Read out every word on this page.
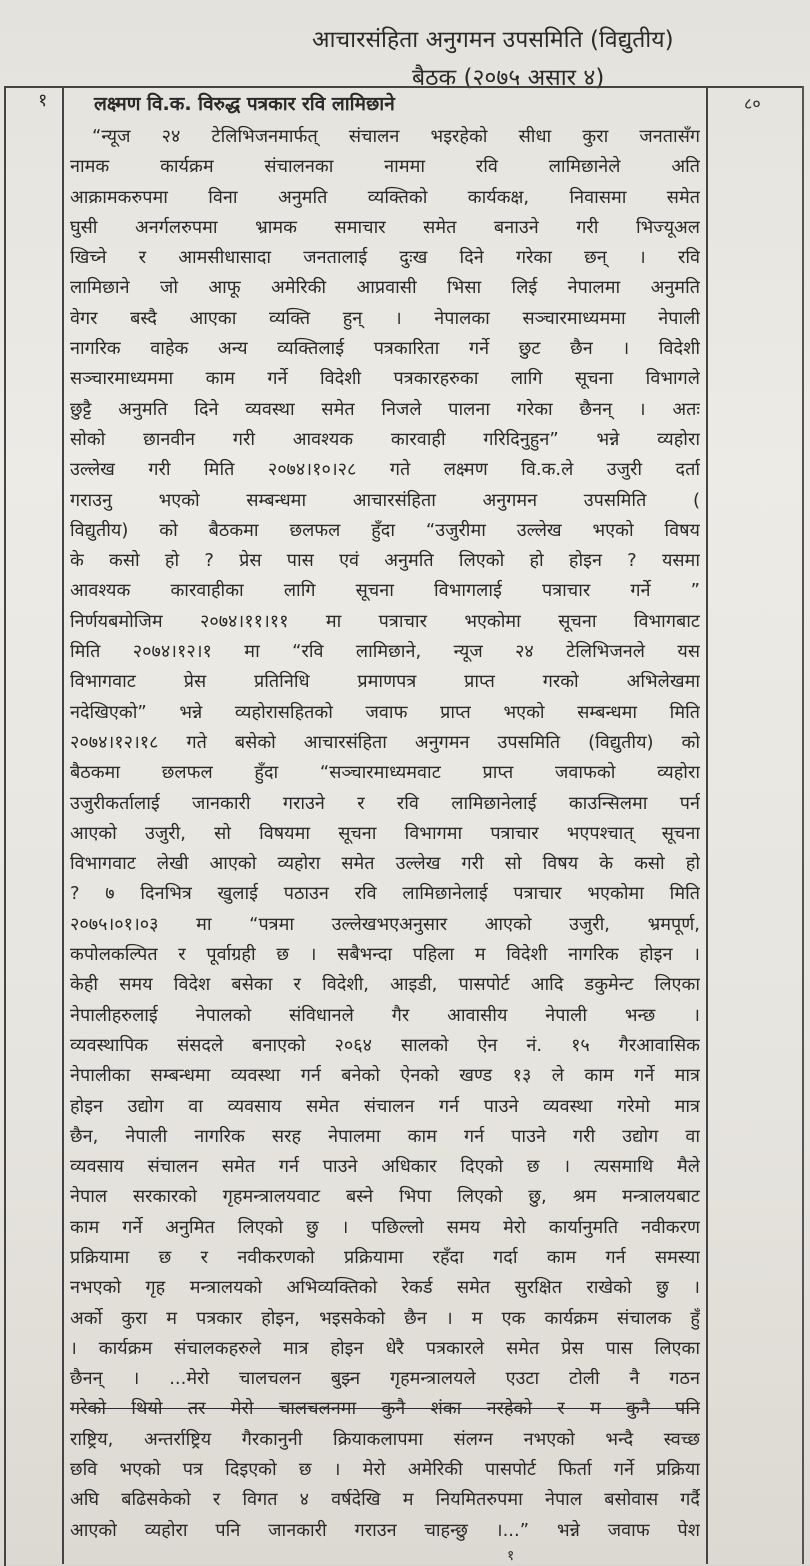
आचारसंहिता अनुगमन उपसमिति (विद्युतीय)
बैठक (२०७५ असार ४)
१	८०
लक्ष्मण वि.क. विरुद्ध पत्रकार रवि लामिछाने
“न्यूज २४ टेलिभिजनमार्फत् संचालन भइरहेको सीधा कुरा जनतासँग
नामक कार्यक्रम संचालनका नाममा रवि लामिछानेले अति
आक्रामकरुपमा विना अनुमति व्यक्तिको कार्यकक्ष, निवासमा समेत
घुसी अनर्गलरुपमा भ्रामक समाचार समेत बनाउने गरी भिज्यूअल
खिच्ने र आमसीधासादा जनतालाई दुःख दिने गरेका छन् । रवि
लामिछाने जो आफू अमेरिकी आप्रवासी भिसा लिई नेपालमा अनुमति
वेगर बस्दै आएका व्यक्ति हुन् । नेपालका सञ्चारमाध्यममा नेपाली
नागरिक वाहेक अन्य व्यक्तिलाई पत्रकारिता गर्ने छुट छैन । विदेशी
सञ्चारमाध्यममा काम गर्ने विदेशी पत्रकारहरुका लागि सूचना विभागले
छुट्टै अनुमति दिने व्यवस्था समेत निजले पालना गरेका छैनन् । अतः
सोको छानवीन गरी आवश्यक कारवाही गरिदिनुहुन” भन्ने व्यहोरा
उल्लेख गरी मिति २०७४।१०।२८ गते लक्ष्मण वि.क.ले उजुरी दर्ता
गराउनु भएको सम्बन्धमा आचारसंहिता अनुगमन उपसमिति (
विद्युतीय) को बैठकमा छलफल हुँदा “उजुरीमा उल्लेख भएको विषय
के कसो हो ? प्रेस पास एवं अनुमति लिएको हो होइन ? यसमा
आवश्यक कारवाहीका लागि सूचना विभागलाई पत्राचार गर्ने ”
निर्णयबमोजिम २०७४।११।११ मा पत्राचार भएकोमा सूचना विभागबाट
मिति २०७४।१२।१ मा “रवि लामिछाने, न्यूज २४ टेलिभिजनले यस
विभागवाट प्रेस प्रतिनिधि प्रमाणपत्र प्राप्त गरको अभिलेखमा
नदेखिएको” भन्ने व्यहोरासहितको जवाफ प्राप्त भएको सम्बन्धमा मिति
२०७४।१२।१८ गते बसेको आचारसंहिता अनुगमन उपसमिति (विद्युतीय) को
बैठकमा छलफल हुँदा “सञ्चारमाध्यमवाट प्राप्त जवाफको व्यहोरा
उजुरीकर्तालाई जानकारी गराउने र रवि लामिछानेलाई काउन्सिलमा पर्न
आएको उजुरी, सो विषयमा सूचना विभागमा पत्राचार भएपश्चात् सूचना
विभागवाट लेखी आएको व्यहोरा समेत उल्लेख गरी सो विषय के कसो हो
? ७ दिनभित्र खुलाई पठाउन रवि लामिछानेलाई पत्राचार भएकोमा मिति
२०७५।०१।०३ मा “पत्रमा उल्लेखभएअनुसार आएको उजुरी, भ्रमपूर्ण,
कपोलकल्पित र पूर्वाग्रही छ । सबैभन्दा पहिला म विदेशी नागरिक होइन ।
केही समय विदेश बसेका र विदेशी, आइडी, पासपोर्ट आदि डकुमेन्ट लिएका
नेपालीहरुलाई नेपालको संविधानले गैर आवासीय नेपाली भन्छ ।
व्यवस्थापिक संसदले बनाएको २०६४ सालको ऐन नं. १५ गैरआवासिक
नेपालीका सम्बन्धमा व्यवस्था गर्न बनेको ऐनको खण्ड १३ ले काम गर्ने मात्र
होइन उद्योग वा व्यवसाय समेत संचालन गर्न पाउने व्यवस्था गरेमो मात्र
छैन, नेपाली नागरिक सरह नेपालमा काम गर्न पाउने गरी उद्योग वा
व्यवसाय संचालन समेत गर्न पाउने अधिकार दिएको छ । त्यसमाथि मैले
नेपाल सरकारको गृहमन्त्रालयवाट बस्ने भिपा लिएको छु, श्रम मन्त्रालयबाट
काम गर्ने अनुमित लिएको छु । पछिल्लो समय मेरो कार्यानुमति नवीकरण
प्रक्रियामा छ र नवीकरणको प्रक्रियामा रहँदा गर्दा काम गर्न समस्या
नभएको गृह मन्त्रालयको अभिव्यक्तिको रेकर्ड समेत सुरक्षित राखेको छु ।
अर्को कुरा म पत्रकार होइन, भइसकेको छैन । म एक कार्यक्रम संचालक हुँ
। कार्यक्रम संचालकहरुले मात्र होइन धेरै पत्रकारले समेत प्रेस पास लिएका
छैनन् । ...मेरो चालचलन बुझ्न गृहमन्त्रालयले एउटा टोली नै गठन
गरेको थियो तर मेरो चालचलनमा कुनै शंका नरहेको र म कुनै पनि
राष्ट्रिय, अन्तर्राष्ट्रिय गैरकानुनी क्रियाकलापमा संलग्न नभएको भन्दै स्वच्छ
छवि भएको पत्र दिइएको छ । मेरो अमेरिकी पासपोर्ट फिर्ता गर्ने प्रक्रिया
अघि बढिसकेको र विगत ४ वर्षदेखि म नियमितरुपमा नेपाल बसोवास गर्दै
आएको व्यहोरा पनि जानकारी गराउन चाहन्छु ।...” भन्ने जवाफ पेश
१
